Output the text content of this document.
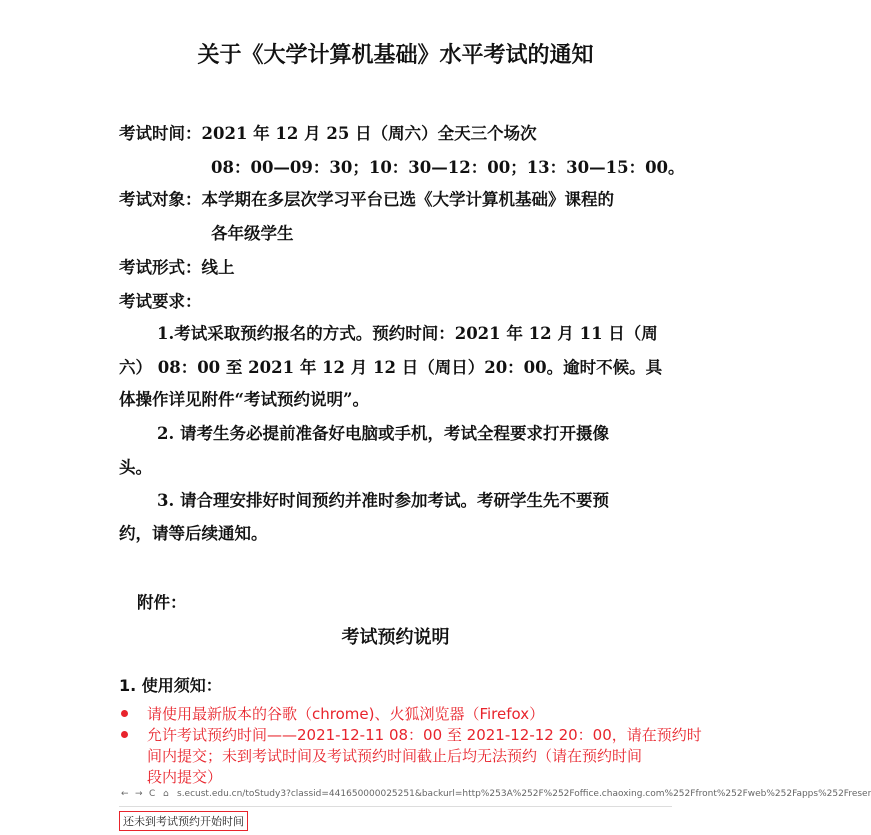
关于《大学计算机基础》水平考试的通知
考试时间：2021 年 12 月 25 日（周六）全天三个场次
08：00—09：30；10：30—12：00；13：30—15：00。
考试对象：本学期在多层次学习平台已选《大学计算机基础》课程的
各年级学生
考试形式：线上
考试要求：
1.考试采取预约报名的方式。预约时间：2021 年 12 月 11 日（周
六） 08：00 至 2021 年 12 月 12 日（周日）20：00。逾时不候。具
体操作详见附件“考试预约说明”。
2. 请考生务必提前准备好电脑或手机，考试全程要求打开摄像
头。
3. 请合理安排好时间预约并准时参加考试。考研学生先不要预
约，请等后续通知。
附件：
考试预约说明
1. 使用须知：
请使用最新版本的谷歌（chrome)、火狐浏览器（Firefox）
允许考试预约时间——2021-12-11 08：00 至 2021-12-12 20：00，请在预约时
间内提交；未到考试时间及考试预约时间截止后均无法预约（请在预约时间
段内提交）
← → C ⌂ s.ecust.edu.cn/toStudy3?classid=441650000025251&backurl=http%253A%252F%252Foffice.chaoxing.com%252Ffront%252Fweb%252Fapps%252Freser
还未到考试预约开始时间
